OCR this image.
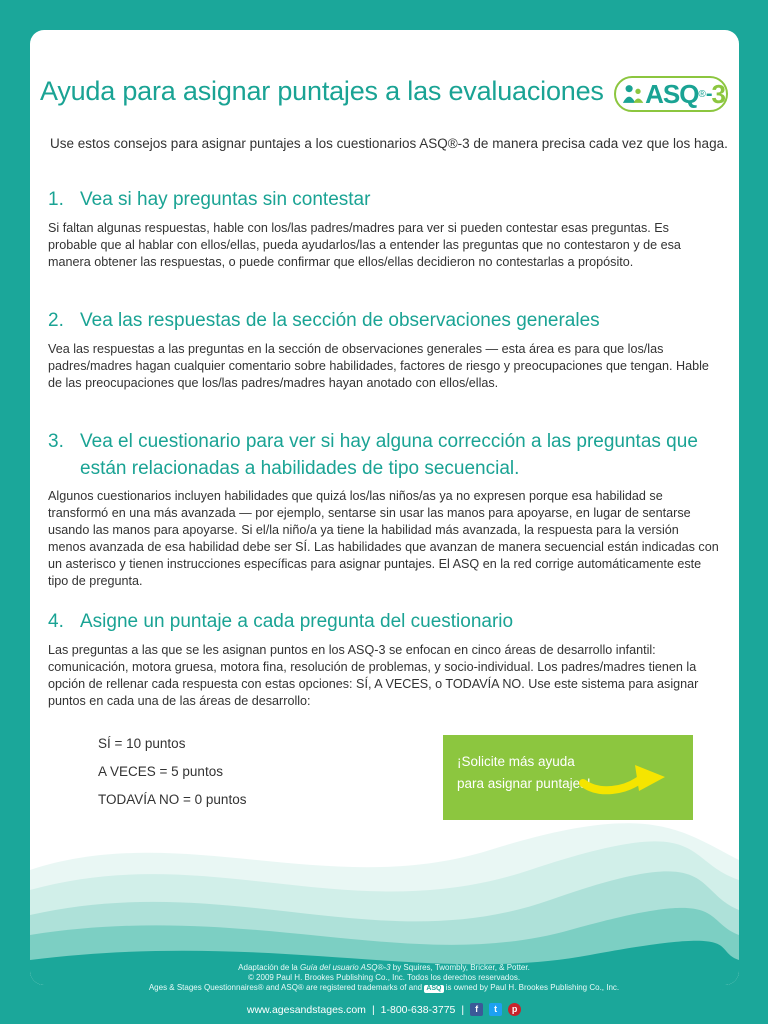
Ayuda para asignar puntajes a las evaluaciones ASQ ® - 3

Use estos consejos para asignar puntajes a los cuestionarios ASQ®-3 de manera precisa cada vez que los haga.

1. Vea si hay preguntas sin contestar

Si faltan algunas respuestas, hable con los/las padres/madres para ver si pueden contestar esas preguntas. Es probable que al hablar con ellos/ellas, pueda ayudarlos/las a entender las preguntas que no contestaron y de esa manera obtener las respuestas, o puede confirmar que ellos/ellas decidieron no contestarlas a propósito.

2. Vea las respuestas de la sección de observaciones generales

Vea las respuestas a las preguntas en la sección de observaciones generales — esta área es para que los/las padres/madres hagan cualquier comentario sobre habilidades, factores de riesgo y preocupaciones que tengan. Hable de las preocupaciones que los/las padres/madres hayan anotado con ellos/ellas.

3. Vea el cuestionario para ver si hay alguna corrección a las preguntas que
están relacionadas a habilidades de tipo secuencial.

Algunos cuestionarios incluyen habilidades que quizá los/las niños/as ya no expresen porque esa habilidad se transformó en una más avanzada — por ejemplo, sentarse sin usar las manos para apoyarse, en lugar de sentarse usando las manos para apoyarse. Si el/la niño/a ya tiene la habilidad más avanzada, la respuesta para la versión menos avanzada de esa habilidad debe ser SÍ. Las habilidades que avanzan de manera secuencial están indicadas con un asterisco y tienen instrucciones específicas para asignar puntajes. El ASQ en la red corrige automáticamente este tipo de pregunta.

4. Asigne un puntaje a cada pregunta del cuestionario

Las preguntas a las que se les asignan puntos en los ASQ-3 se enfocan en cinco áreas de desarrollo infantil: comunicación, motora gruesa, motora fina, resolución de problemas, y socio-individual. Los padres/madres tienen la opción de rellenar cada respuesta con estas opciones: SÍ, A VECES, o TODAVÍA NO. Use este sistema para asignar puntos en cada una de las áreas de desarrollo:

SÍ = 10 puntos
A VECES = 5 puntos
TODAVÍA NO = 0 puntos
¡Solicite más ayuda
para asignar puntajes!
Adaptación de la Guía del usuario ASQ®-3 by Squires, Twombly, Bricker, & Potter.
© 2009 Paul H. Brookes Publishing Co., Inc. Todos los derechos reservados.
Ages & Stages Questionnaires® and ASQ® are registered trademarks of and ASQ is owned by Paul H. Brookes Publishing Co., Inc.
www.agesandstages.com | 1-800-638-3775 |	f	t	p
